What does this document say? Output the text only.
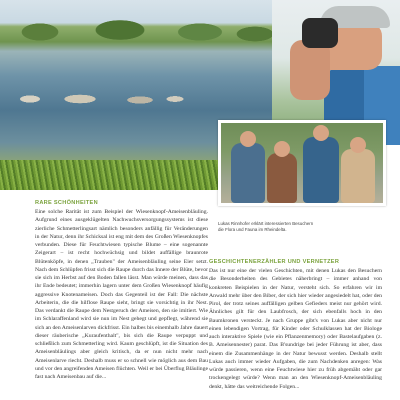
Lukas Rinnhofer erklärt interessierten Besuchern die Flora und Fauna im Rheindelta.
RARE SCHÖNHEITEN

Eine solche Rarität ist zum Beispiel der Wiesenknopf-Ameisenbläuling. Aufgrund eines ausgeklügelten Nachwuchsversorgungssystems ist diese zierliche Schmetterlingsart nämlich besonders anfällig für Veränderungen in der Natur, denn ihr Schicksal ist eng mit dem des Großen Wiesenknopfes verbunden. Diese für Feuchtwiesen typische Blume – eine sogenannte Zeigerart – ist recht hochwüchsig und bildet auffällige braunrote Blütenköpfe, in denen „Trauben" der Ameisenbläuling seine Eier setzt. Nach dem Schlüpfen frisst sich die Raupe durch das Innere der Blüte, bevor sie sich im Herbst auf den Boden fallen lässt. Man würde meinen, dass das ihr Ende bedeutet; immerhin lagern unter dem Großen Wiesenknopf häufig aggressive Knotenameisen. Doch das Gegenteil ist der Fall: Die nächste Arbeiterin, die die hilflose Raupe sieht, bringt sie vorsichtig in ihr Nest. Das verdankt die Raupe dem Nestgeruch der Ameisen, den sie imitiert. Wie im Schlaraffenland wird sie nun im Nest gehegt und gepflegt, während sie sich an den Ameisenlarven dickfrisst. Ein halbes bis einemhalb Jahre dauert dieser räuberische „Kuraufenthalt", bis sich die Raupe verpuppt und schließlich zum Schmetterling wird. Kaum geschlüpft, ist die Situation des Ameisenbläulings aber gleich kritisch, da er nun nicht mehr nach Ameisenlarve riecht. Deshalb muss er so schnell wie möglich aus dem Bau und vor den angreifenden Ameisen flüchten. Weil er bei Überflug Bläulinge fast nach Ameisenbau auf die...

GESCHICHTENERZÄHLER UND VERNETZER

Das ist nur eine der vielen Geschichten, mit denen Lukas den Besuchern die Besonderheiten des Gebietes näherbringt – immer anhand von konkreten Beispielen in der Natur, versteht sich. So erfahren wir im Anwald mehr über den Biber, der sich hier wieder angesiedelt hat, oder den Pirol, der trotz seines auffälligen gelben Gefieders meist nur gehört wird. Ähnliches gilt für den Laubfrosch, der sich ebenfalls hoch in den Baumkronen versteckt. Je nach Gruppe gibt's von Lukas aber nicht nur einen lebendigen Vortrag, für Kinder oder Schulklassen hat der Biologe auch interaktive Spiele (wie ein Pflanzenmemory) oder Bastelaufgaben (z. B. Ameisennester) parat. Das B'sundrige bei jeder Führung ist aber, dass einem die Zusammenhänge in der Natur bewusst werden. Deshalb stellt Lukas auch immer wieder Aufgaben, die zum Nachdenken anregen: Was würde passieren, wenn eine Feuchtwiese hier zu früh abgemäht oder gar trockengelegt würde? Wenn man an den Wiesenknopf-Ameisenbläuling denkt, hätte das weitreichende Folgen...
